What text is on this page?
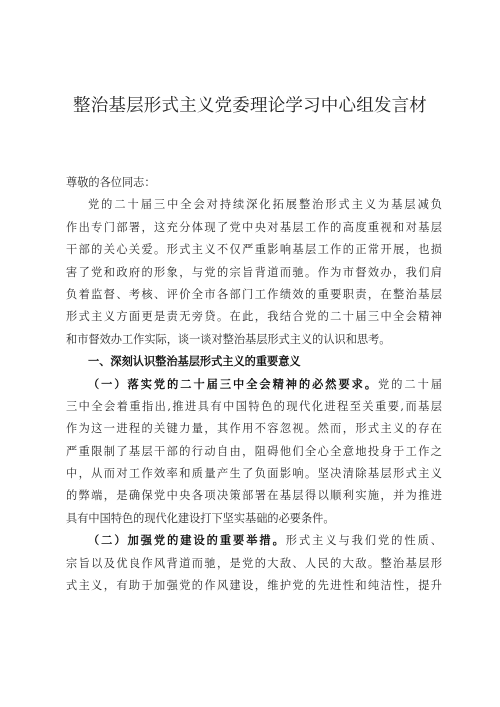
整治基层形式主义党委理论学习中心组发言材
尊敬的各位同志：
党的二十届三中全会对持续深化拓展整治形式主义为基层减负
作出专门部署，这充分体现了党中央对基层工作的高度重视和对基层
干部的关心关爱。形式主义不仅严重影响基层工作的正常开展，也损
害了党和政府的形象，与党的宗旨背道而驰。作为市督效办，我们肩
负着监督、考核、评价全市各部门工作绩效的重要职责，在整治基层
形式主义方面更是责无旁贷。在此，我结合党的二十届三中全会精神
和市督效办工作实际，谈一谈对整治基层形式主义的认识和思考。
一、深刻认识整治基层形式主义的重要意义
（一）落实党的二十届三中全会精神的必然要求。党的二十届
三中全会着重指出,推进具有中国特色的现代化进程至关重要,而基层
作为这一进程的关键力量，其作用不容忽视。然而，形式主义的存在
严重限制了基层干部的行动自由，阻碍他们全心全意地投身于工作之
中，从而对工作效率和质量产生了负面影响。坚决清除基层形式主义
的弊端，是确保党中央各项决策部署在基层得以顺利实施，并为推进
具有中国特色的现代化建设打下坚实基础的必要条件。
（二）加强党的建设的重要举措。形式主义与我们党的性质、
宗旨以及优良作风背道而驰，是党的大敌、人民的大敌。整治基层形
式主义，有助于加强党的作风建设，维护党的先进性和纯洁性，提升
